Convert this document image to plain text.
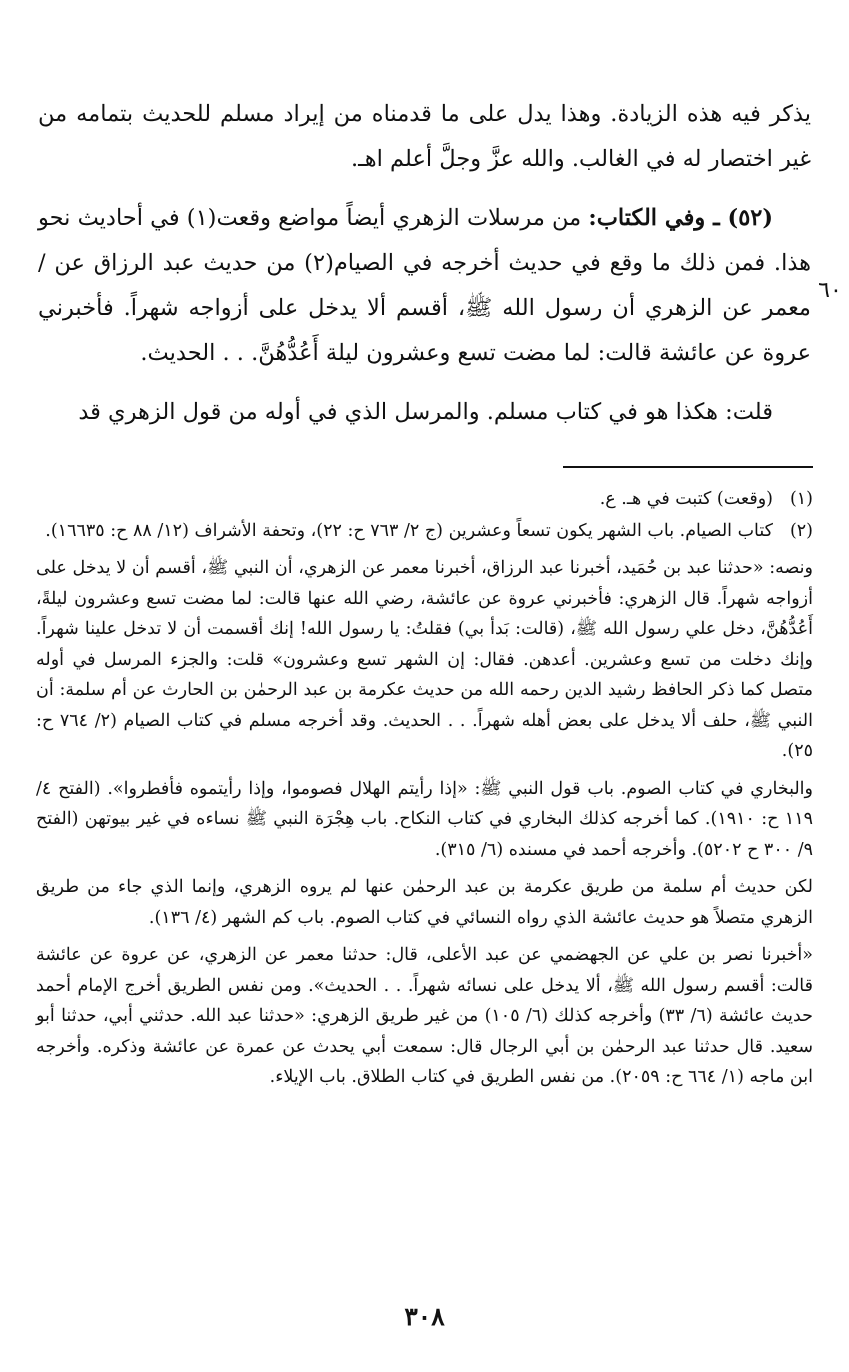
يذكر فيه هذه الزيادة. وهذا يدل على ما قدمناه من إيراد مسلم للحديث بتمامه من غير اختصار له في الغالب. والله عزَّ وجلَّ أعلم اهـ.

(٥٢) ـ وفي الكتاب: من مرسلات الزهري أيضاً مواضع وقعت(١) في أحاديث نحو هذا. فمن ذلك ما وقع في حديث أخرجه في الصيام(٢) من حديث عبد الرزاق عن / معمر عن الزهري أن رسول الله ﷺ، أقسم ألا يدخل على أزواجه شهراً. فأخبرني عروة عن عائشة قالت: لما مضت تسع وعشرون ليلة أَعُدُّهُنَّ. . . الحديث.

قلت: هكذا هو في كتاب مسلم. والمرسل الذي في أوله من قول الزهري قد

٦٠

(١)
(وقعت) كتبت في هـ. ع.

(٢)
كتاب الصيام. باب الشهر يكون تسعاً وعشرين (ج ٢/ ٧٦٣ ح: ٢٢)، وتحفة الأشراف (١٢/ ٨٨ ح: ١٦٦٣٥).

ونصه: «حدثنا عبد بن حُمَيد، أخبرنا عبد الرزاق، أخبرنا معمر عن الزهري، أن النبي ﷺ، أقسم أن لا يدخل على أزواجه شهراً. قال الزهري: فأخبرني عروة عن عائشة، رضي الله عنها قالت: لما مضت تسع وعشرون ليلةً، أَعُدُّهُنَّ، دخل علي رسول الله ﷺ، (قالت: بَدأ بي) فقلتُ: يا رسول الله! إنك أقسمت أن لا تدخل علينا شهراً. وإنك دخلت من تسع وعشرين. أعدهن. فقال: إن الشهر تسع وعشرون» قلت: والجزء المرسل في أوله متصل كما ذكر الحافظ رشيد الدين رحمه الله من حديث عكرمة بن عبد الرحمٰن بن الحارث عن أم سلمة: أن النبي ﷺ، حلف ألا يدخل على بعض أهله شهراً. . . الحديث. وقد أخرجه مسلم في كتاب الصيام (٢/ ٧٦٤ ح: ٢٥).

والبخاري في كتاب الصوم. باب قول النبي ﷺ: «إذا رأيتم الهلال فصوموا، وإذا رأيتموه فأفطروا». (الفتح ٤/ ١١٩ ح: ١٩١٠). كما أخرجه كذلك البخاري في كتاب النكاح. باب هِجْرَة النبي ﷺ نساءه في غير بيوتهن (الفتح ٩/ ٣٠٠ ح ٥٢٠٢). وأخرجه أحمد في مسنده (٦/ ٣١٥).

لكن حديث أم سلمة من طريق عكرمة بن عبد الرحمٰن عنها لم يروه الزهري، وإنما الذي جاء من طريق الزهري متصلاً هو حديث عائشة الذي رواه النسائي في كتاب الصوم. باب كم الشهر (٤/ ١٣٦).

«أخبرنا نصر بن علي عن الجهضمي عن عبد الأعلى، قال: حدثنا معمر عن الزهري، عن عروة عن عائشة قالت: أقسم رسول الله ﷺ، ألا يدخل على نسائه شهراً. . . الحديث». ومن نفس الطريق أخرج الإمام أحمد حديث عائشة (٦/ ٣٣) وأخرجه كذلك (٦/ ١٠٥) من غير طريق الزهري: «حدثنا عبد الله. حدثني أبي، حدثنا أبو سعيد. قال حدثنا عبد الرحمٰن بن أبي الرجال قال: سمعت أبي يحدث عن عمرة عن عائشة وذكره. وأخرجه ابن ماجه (١/ ٦٦٤ ح: ٢٠٥٩). من نفس الطريق في كتاب الطلاق. باب الإيلاء.

٣٠٨
